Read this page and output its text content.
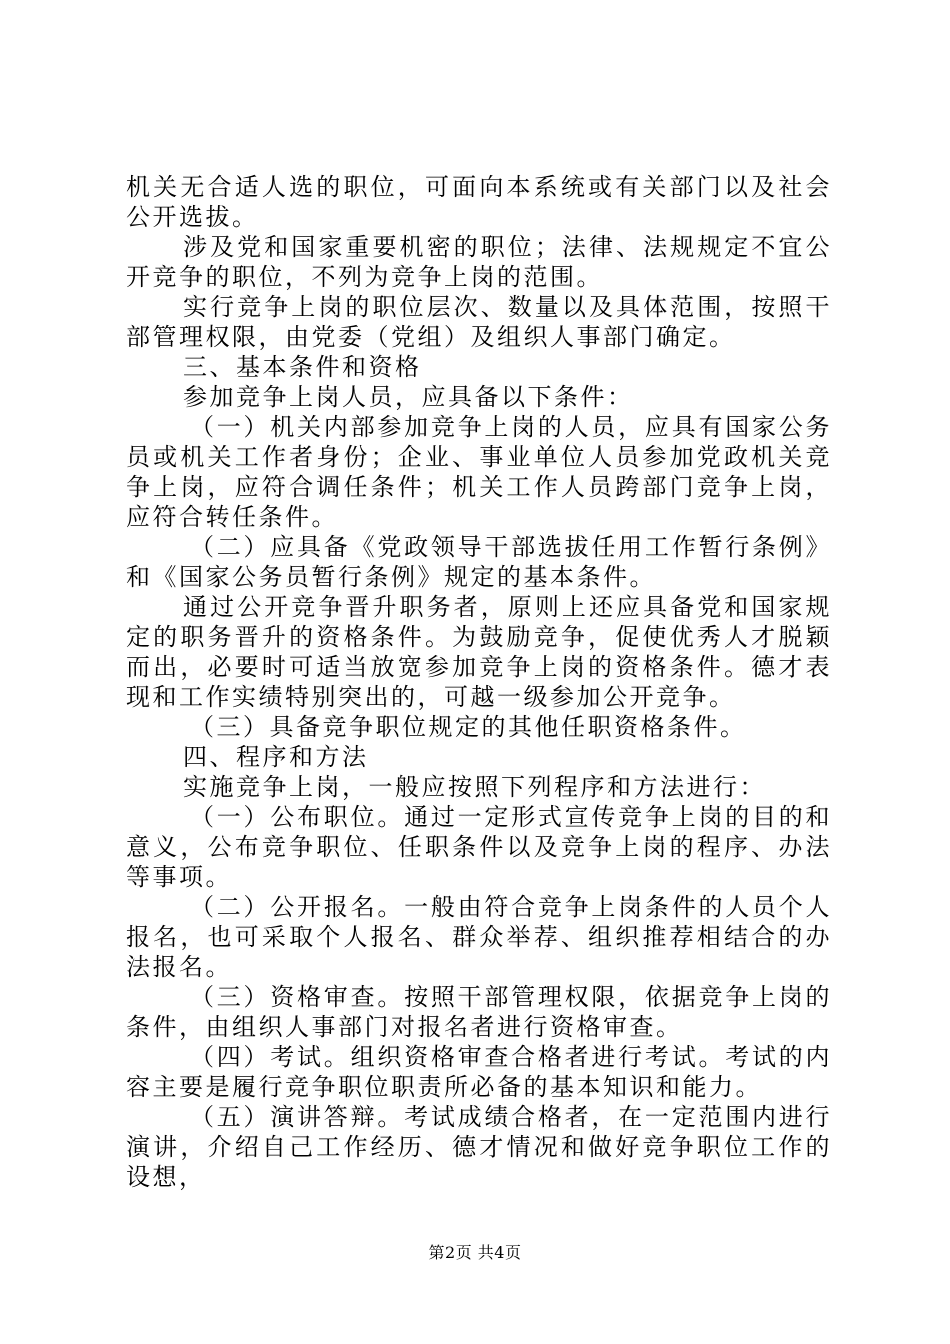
机关无合适人选的职位，可面向本系统或有关部门以及社会公开选拔。

涉及党和国家重要机密的职位；法律、法规规定不宜公开竞争的职位，不列为竞争上岗的范围。

实行竞争上岗的职位层次、数量以及具体范围，按照干部管理权限，由党委（党组）及组织人事部门确定。

三、基本条件和资格

参加竞争上岗人员，应具备以下条件：

（一）机关内部参加竞争上岗的人员，应具有国家公务员或机关工作者身份；企业、事业单位人员参加党政机关竞争上岗，应符合调任条件；机关工作人员跨部门竞争上岗，应符合转任条件。

（二）应具备《党政领导干部选拔任用工作暂行条例》和《国家公务员暂行条例》规定的基本条件。

通过公开竞争晋升职务者，原则上还应具备党和国家规定的职务晋升的资格条件。为鼓励竞争，促使优秀人才脱颖而出，必要时可适当放宽参加竞争上岗的资格条件。德才表现和工作实绩特别突出的，可越一级参加公开竞争。

（三）具备竞争职位规定的其他任职资格条件。

四、程序和方法

实施竞争上岗，一般应按照下列程序和方法进行：

（一）公布职位。通过一定形式宣传竞争上岗的目的和意义，公布竞争职位、任职条件以及竞争上岗的程序、办法等事项。

（二）公开报名。一般由符合竞争上岗条件的人员个人报名，也可采取个人报名、群众举荐、组织推荐相结合的办法报名。

（三）资格审查。按照干部管理权限，依据竞争上岗的条件，由组织人事部门对报名者进行资格审查。

（四）考试。组织资格审查合格者进行考试。考试的内容主要是履行竞争职位职责所必备的基本知识和能力。

（五）演讲答辩。考试成绩合格者，在一定范围内进行演讲，介绍自己工作经历、德才情况和做好竞争职位工作的设想，

第2页 共4页
